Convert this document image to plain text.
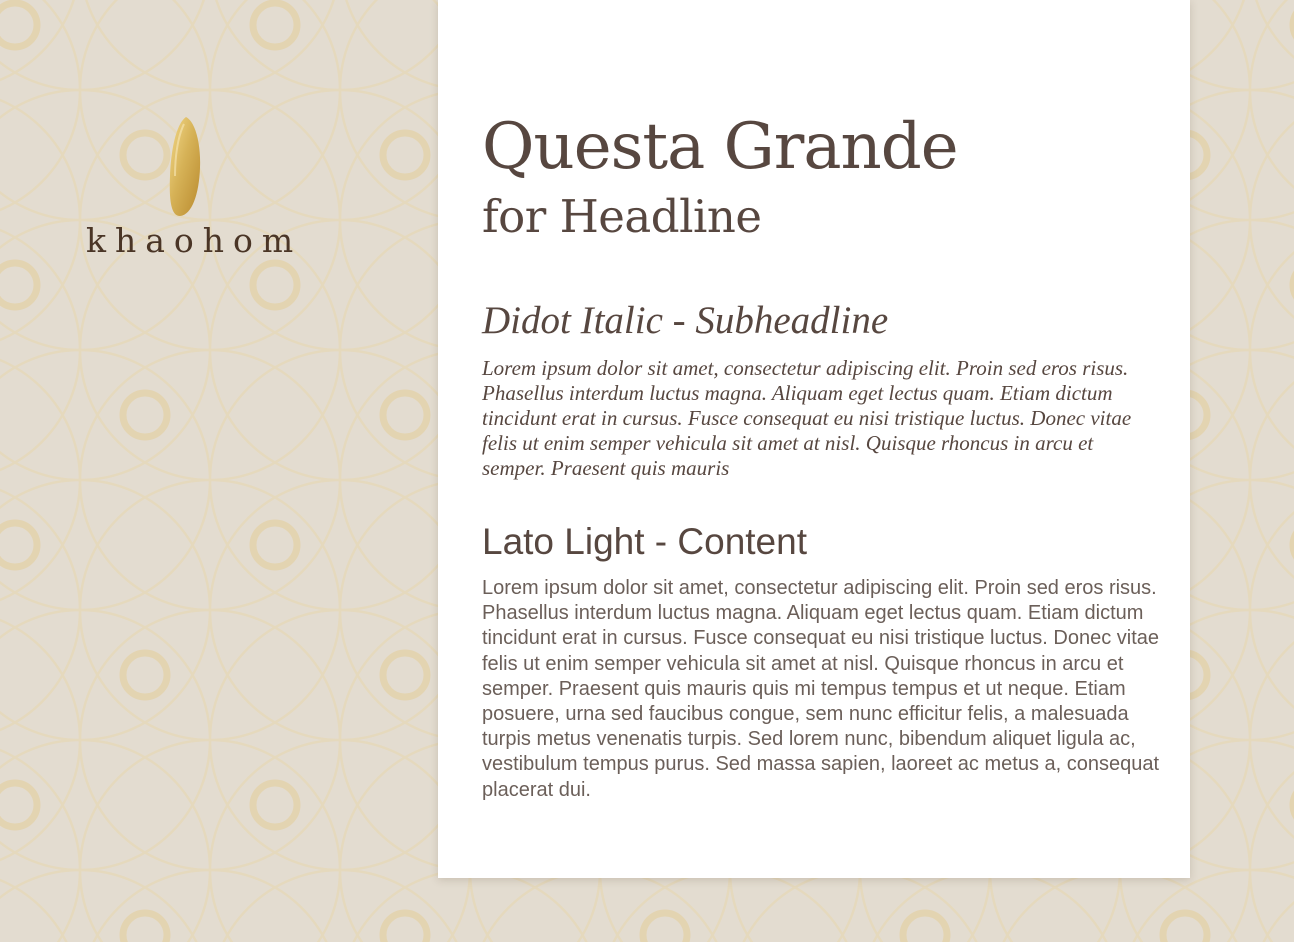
khaohom
Questa Grande
for Headline
Didot Italic - Subheadline

Lorem ipsum dolor sit amet, consectetur adipiscing elit. Proin sed eros risus. Phasellus interdum luctus magna. Aliquam eget lectus quam. Etiam dictum tincidunt erat in cursus. Fusce consequat eu nisi tristique luctus. Donec vitae felis ut enim semper vehicula sit amet at nisl. Quisque rhoncus in arcu et semper. Praesent quis mauris

Lato Light - Content

Lorem ipsum dolor sit amet, consectetur adipiscing elit. Proin sed eros risus. Phasellus interdum luctus magna. Aliquam eget lectus quam. Etiam dictum tincidunt erat in cursus. Fusce consequat eu nisi tristique luctus. Donec vitae felis ut enim semper vehicula sit amet at nisl. Quisque rhoncus in arcu et semper. Praesent quis mauris quis mi tempus tempus et ut neque. Etiam posuere, urna sed faucibus congue, sem nunc efficitur felis, a malesuada turpis metus venenatis turpis. Sed lorem nunc, bibendum aliquet ligula ac, vestibulum tempus purus. Sed massa sapien, laoreet ac metus a, consequat placerat dui.
